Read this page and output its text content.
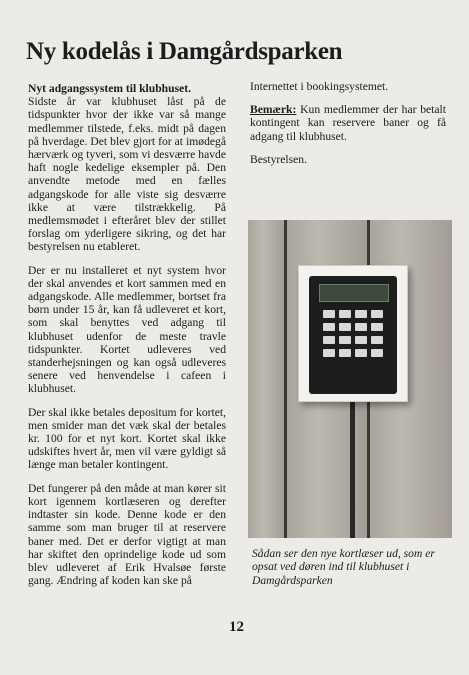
Ny kodelås i Damgårdsparken

Nyt adgangssystem til klubhuset.
Sidste år var klubhuset låst på de tidspunkter hvor der ikke var så mange medlemmer tilstede, f.eks. midt på dagen på hverdage. Det blev gjort for at imødegå hærværk og tyveri, som vi desværre havde haft nogle kedelige eksempler på. Den anvendte metode med en fælles adgangskode for alle viste sig desværre ikke at være tilstrækkelig. På medlemsmødet i efteråret blev der stillet forslag om yderligere sikring, og det har bestyrelsen nu etableret.

Der er nu installeret et nyt system hvor der skal anvendes et kort sammen med en adgangskode. Alle medlemmer, bortset fra børn under 15 år, kan få udleveret et kort, som skal benyttes ved adgang til klubhuset udenfor de meste travle tidspunkter. Kortet udleveres ved standerhejsningen og kan også udleveres senere ved henvendelse i cafeen i klubhuset.

Der skal ikke betales depositum for kortet, men smider man det væk skal der betales kr. 100 for et nyt kort. Kortet skal ikke udskiftes hvert år, men vil være gyldigt så længe man betaler kontingent.

Det fungerer på den måde at man kører sit kort igennem kortlæseren og derefter indtaster sin kode. Denne kode er den samme som man bruger til at reservere baner med. Det er derfor vigtigt at man har skiftet den oprindelige kode ud som blev udleveret af Erik Hvalsøe første gang. Ændring af koden kan ske på

Internettet i bookingsystemet.

Bemærk: Kun medlemmer der har betalt kontingent kan reservere baner og få adgang til klubhuset.

Bestyrelsen.

Sådan ser den nye kortlæser ud, som er opsat ved døren ind til klubhuset i Damgårdsparken
12
